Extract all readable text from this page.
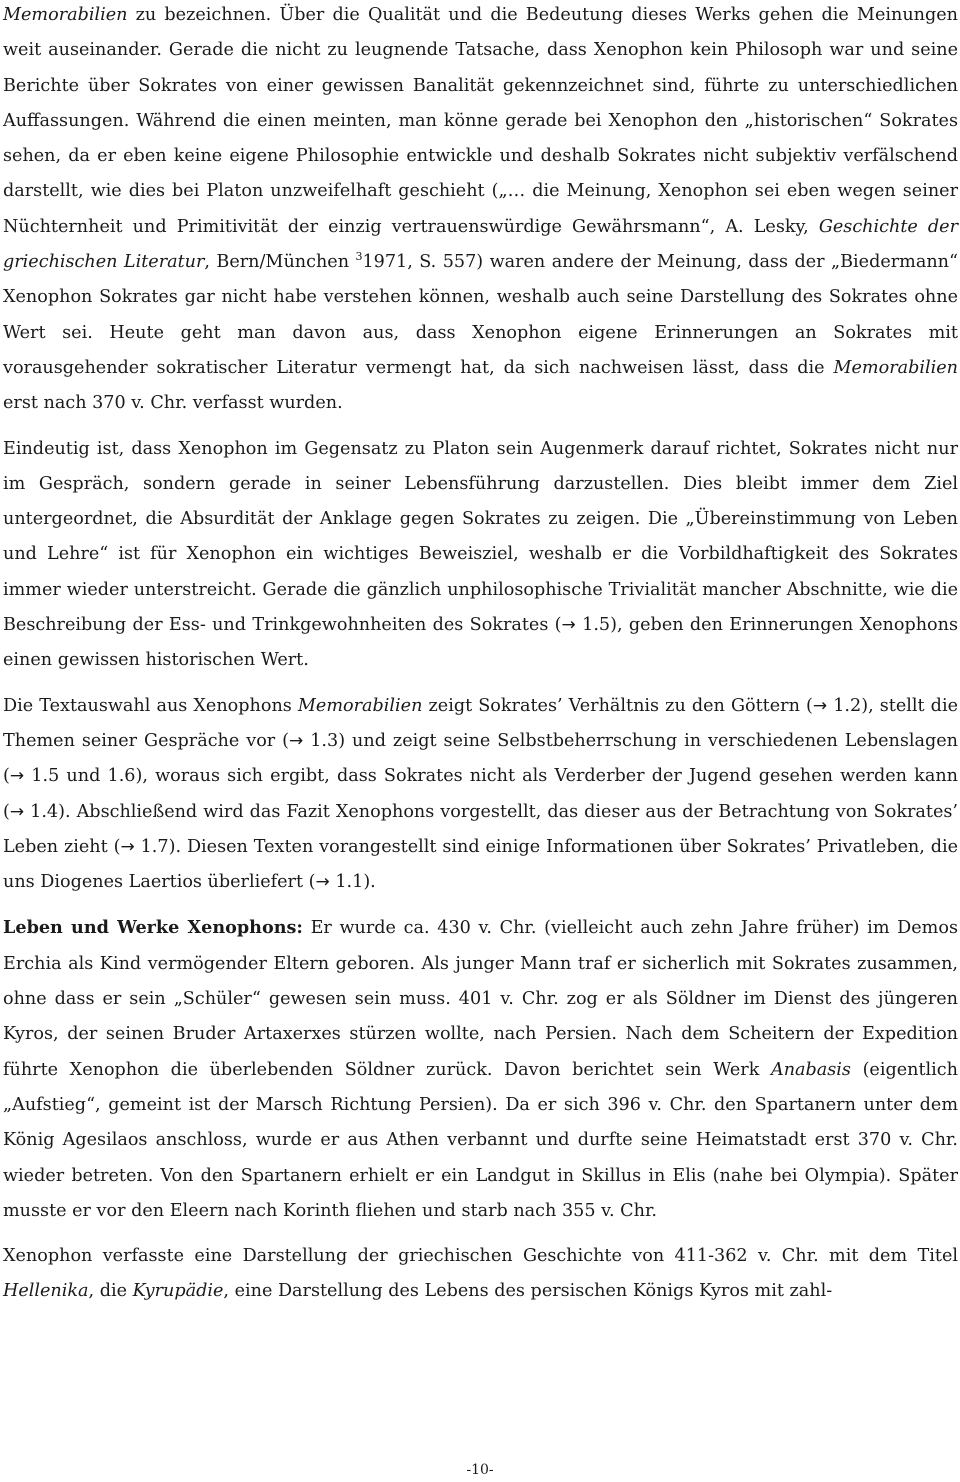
Memorabilien zu bezeichnen. Über die Qualität und die Bedeutung dieses Werks gehen die Meinungen weit auseinander. Gerade die nicht zu leugnende Tatsache, dass Xenophon kein Philosoph war und seine Berichte über Sokrates von einer gewissen Banalität gekennzeichnet sind, führte zu unterschiedlichen Auffassungen. Während die einen meinten, man könne gerade bei Xenophon den „historischen“ Sokrates sehen, da er eben keine eigene Philosophie entwickle und deshalb Sokrates nicht subjektiv verfälschend darstellt, wie dies bei Platon unzweifelhaft geschieht („… die Meinung, Xenophon sei eben wegen seiner Nüchternheit und Primitivität der einzig vertrauenswürdige Gewährsmann“, A. Lesky, Geschichte der griechischen Literatur, Bern/München $^3$1971, S. 557) waren andere der Meinung, dass der „Biedermann“ Xenophon Sokrates gar nicht habe verstehen können, weshalb auch seine Darstellung des Sokrates ohne Wert sei. Heute geht man davon aus, dass Xenophon eigene Erinnerungen an Sokrates mit vorausgehender sokratischer Literatur vermengt hat, da sich nachweisen lässt, dass die Memorabilien erst nach 370 v. Chr. verfasst wurden.

Eindeutig ist, dass Xenophon im Gegensatz zu Platon sein Augenmerk darauf richtet, Sokrates nicht nur im Gespräch, sondern gerade in seiner Lebensführung darzustellen. Dies bleibt immer dem Ziel untergeordnet, die Absurdität der Anklage gegen Sokrates zu zeigen. Die „Übereinstimmung von Leben und Lehre“ ist für Xenophon ein wichtiges Beweisziel, weshalb er die Vorbildhaftigkeit des Sokrates immer wieder unterstreicht. Gerade die gänzlich unphilosophische Trivialität mancher Abschnitte, wie die Beschreibung der Ess- und Trinkgewohnheiten des Sokrates (→ 1.5), geben den Erinnerungen Xenophons einen gewissen historischen Wert.

Die Textauswahl aus Xenophons Memorabilien zeigt Sokrates’ Verhältnis zu den Göttern (→ 1.2), stellt die Themen seiner Gespräche vor (→ 1.3) und zeigt seine Selbstbeherrschung in verschiedenen Lebenslagen (→ 1.5 und 1.6), woraus sich ergibt, dass Sokrates nicht als Verderber der Jugend gesehen werden kann (→ 1.4). Abschließend wird das Fazit Xenophons vorgestellt, das dieser aus der Betrachtung von Sokrates’ Leben zieht (→ 1.7). Diesen Texten vorangestellt sind einige Informationen über Sokrates’ Privatleben, die uns Diogenes Laertios überliefert (→ 1.1).

Leben und Werke Xenophons: Er wurde ca. 430 v. Chr. (vielleicht auch zehn Jahre früher) im Demos Erchia als Kind vermögender Eltern geboren. Als junger Mann traf er sicherlich mit Sokrates zusammen, ohne dass er sein „Schüler“ gewesen sein muss. 401 v. Chr. zog er als Söldner im Dienst des jüngeren Kyros, der seinen Bruder Artaxerxes stürzen wollte, nach Persien. Nach dem Scheitern der Expedition führte Xenophon die überlebenden Söldner zurück. Davon berichtet sein Werk Anabasis (eigentlich „Aufstieg“, gemeint ist der Marsch Richtung Persien). Da er sich 396 v. Chr. den Spartanern unter dem König Agesilaos anschloss, wurde er aus Athen verbannt und durfte seine Heimatstadt erst 370 v. Chr. wieder betreten. Von den Spartanern erhielt er ein Landgut in Skillus in Elis (nahe bei Olympia). Später musste er vor den Eleern nach Korinth fliehen und starb nach 355 v. Chr.

Xenophon verfasste eine Darstellung der griechischen Geschichte von 411-362 v. Chr. mit dem Titel Hellenika, die Kyrupädie, eine Darstellung des Lebens des persischen Königs Kyros mit zahl-

-10-
